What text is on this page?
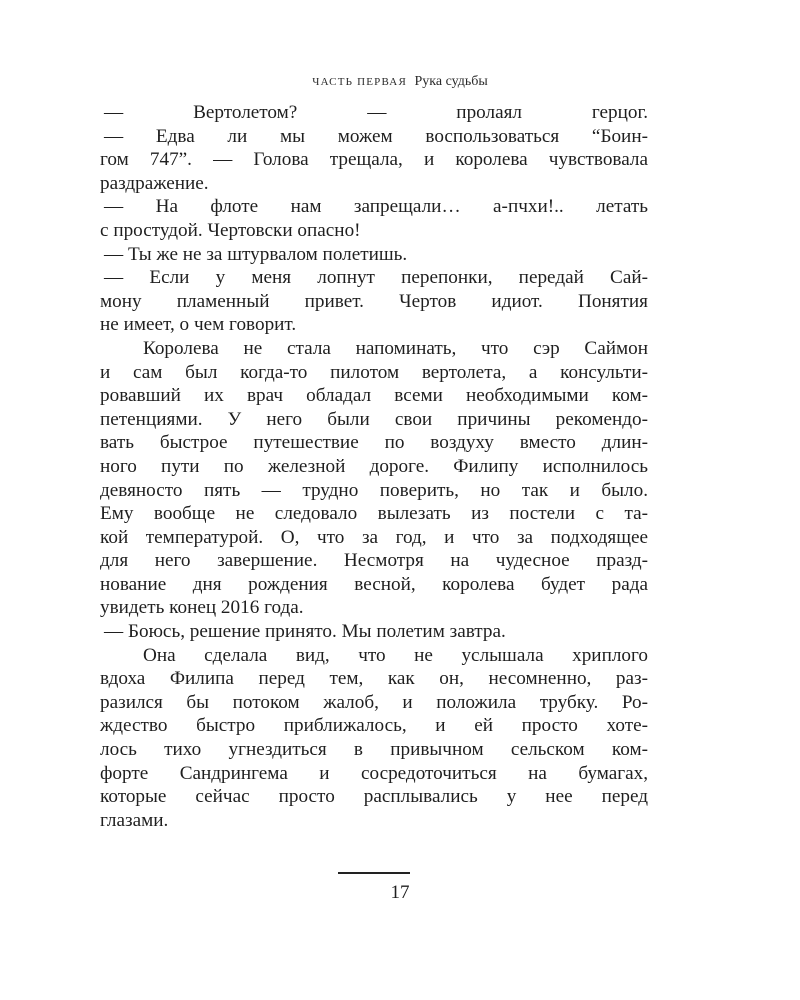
ЧАСТЬ ПЕРВАЯ Рука судьбы
— Вертолетом? — пролаял герцог.
— Едва ли мы можем воспользоваться “Боин-
гом 747”. — Голова трещала, и королева чувствовала
раздражение.
— На флоте нам запрещали… а-пчхи!.. летать
с простудой. Чертовски опасно!
— Ты же не за штурвалом полетишь.
— Если у меня лопнут перепонки, передай Сай-
мону пламенный привет. Чертов идиот. Понятия
не имеет, о чем говорит.
Королева не стала напоминать, что сэр Саймон
и сам был когда-то пилотом вертолета, а консульти-
ровавший их врач обладал всеми необходимыми ком-
петенциями. У него были свои причины рекомендо-
вать быстрое путешествие по воздуху вместо длин-
ного пути по железной дороге. Филипу исполнилось
девяносто пять — трудно поверить, но так и было.
Ему вообще не следовало вылезать из постели с та-
кой температурой. О, что за год, и что за подходящее
для него завершение. Несмотря на чудесное празд-
нование дня рождения весной, королева будет рада
увидеть конец 2016 года.
— Боюсь, решение принято. Мы полетим завтра.
Она сделала вид, что не услышала хриплого
вдоха Филипа перед тем, как он, несомненно, раз-
разился бы потоком жалоб, и положила трубку. Ро-
ждество быстро приближалось, и ей просто хоте-
лось тихо угнездиться в привычном сельском ком-
форте Сандрингема и сосредоточиться на бумагах,
которые сейчас просто расплывались у нее перед
глазами.
17
